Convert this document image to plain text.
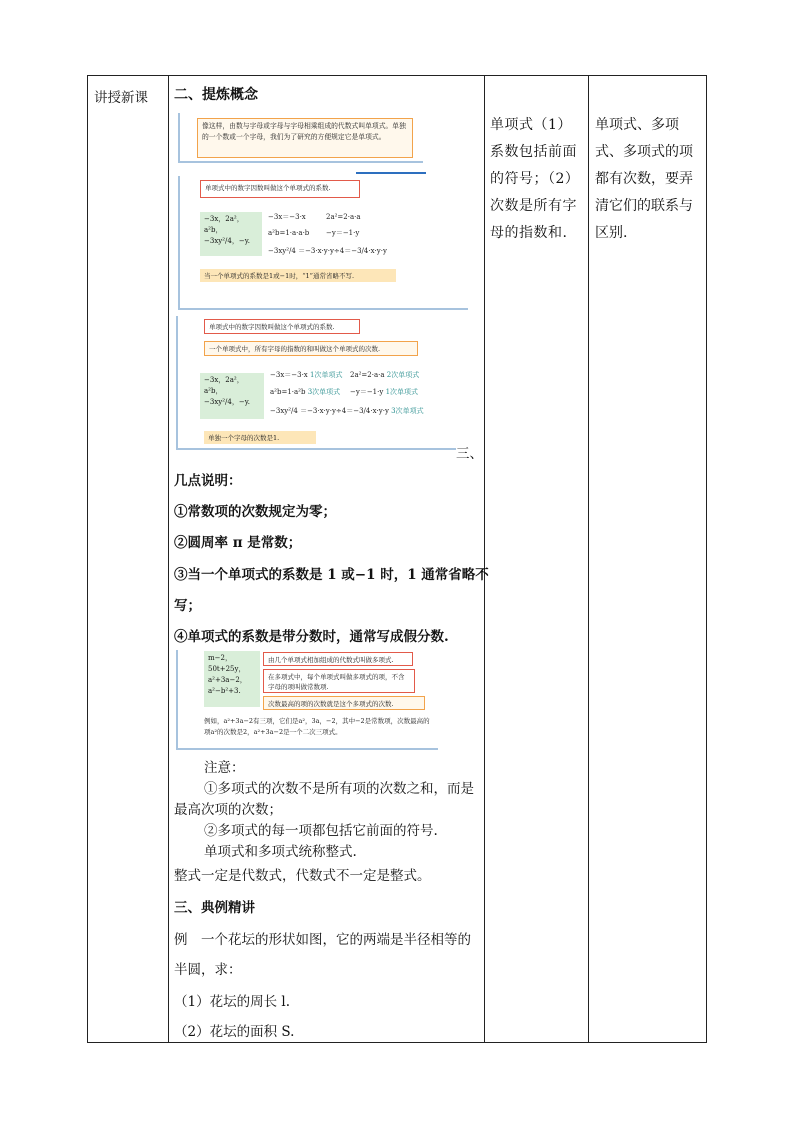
讲授新课 二、提炼概念
像这样，由数与字母或字母与字母相乘组成的代数式叫单项式。单独的一个数或一个字母，我们为了研究的方便规定它是单项式。
单项式中的数字因数叫做这个单项式的系数.
−3x，2a²，a²b，
−3xy²/4，−y.
−3x＝−3·x	2a²=2·a·a
a²b=1·a·a·b −y＝−1·y
−3xy²/4 ＝−3·x·y·y÷4＝−3/4·x·y·y
当一个单项式的系数是1或−1时，“1”通常省略不写.
单项式中的数字因数叫做这个单项式的系数.
一个单项式中，所有字母的指数的和叫做这个单项式的次数.
−3x，2a²，a²b，
−3xy²/4，−y.
−3x＝−3·x 1次单项式 2a²=2·a·a 2次单项式
a²b=1·a²b 3次单项式 −y＝−1·y 1次单项式
−3xy²/4 ＝−3·x·y·y÷4＝−3/4·x·y·y 3次单项式
单独一个字母的次数是1.
三、
几点说明：
①常数项的次数规定为零；
②圆周率 π 是常数；
③当一个单项式的系数是 1 或−1 时，1 通常省略不
写；
④单项式的系数是带分数时，通常写成假分数.
m−2，
50t+25y，
a²+3a−2，
a²−b²+3.
由几个单项式相加组成的代数式叫做多项式.
在多项式中，每个单项式叫做多项式的项，不含字母的项叫做常数项.
次数最高的项的次数就是这个多项式的次数.
例如，a²+3a−2有三项，它们是a²，3a，−2，其中−2是常数项，次数最高的项a²的次数是2，a²+3a−2是一个二次三项式。
注意：
①多项式的次数不是所有项的次数之和，而是
最高次项的次数；
②多项式的每一项都包括它前面的符号.
单项式和多项式统称整式.
整式一定是代数式，代数式不一定是整式。
三、典例精讲
例　一个花坛的形状如图，它的两端是半径相等的
半圆，求：
（1）花坛的周长 l.
（2）花坛的面积 S.
单项式（1）系数包括前面的符号；（2）次数是所有字母的指数和.
单项式、多项式、多项式的项都有次数，要弄清它们的联系与区别.
